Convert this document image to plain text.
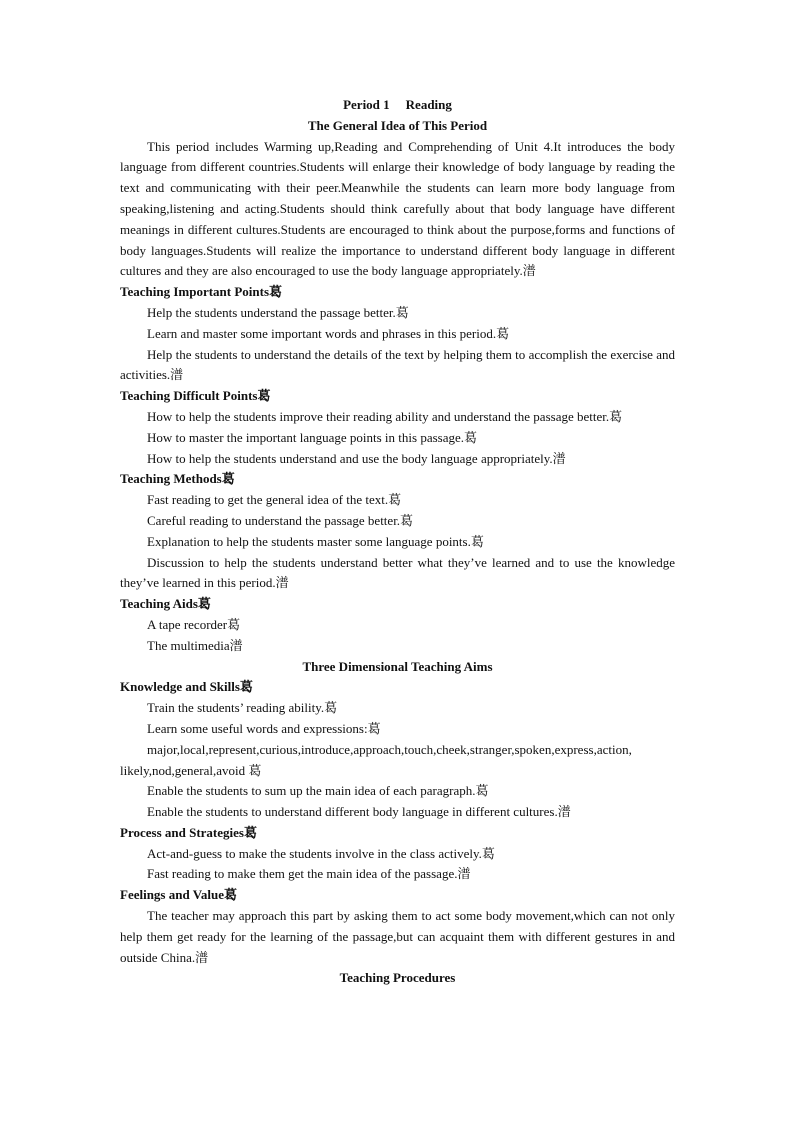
Period 1 Reading
The General Idea of This Period
This period includes Warming up,Reading and Comprehending of Unit 4.It introduces the body language from different countries.Students will enlarge their knowledge of body language by reading the text and communicating with their peer.Meanwhile the students can learn more body language from speaking,listening and acting.Students should think carefully about that body language have different meanings in different cultures.Students are encouraged to think about the purpose,forms and functions of body languages.Students will realize the importance to understand different body language in different cultures and they are also encouraged to use the body language appropriately.潽
Teaching Important Points葛
Help the students understand the passage better.葛
Learn and master some important words and phrases in this period.葛
Help the students to understand the details of the text by helping them to accomplish the exercise and activities.潽
Teaching Difficult Points葛
How to help the students improve their reading ability and understand the passage better.葛
How to master the important language points in this passage.葛
How to help the students understand and use the body language appropriately.潽
Teaching Methods葛
Fast reading to get the general idea of the text.葛
Careful reading to understand the passage better.葛
Explanation to help the students master some language points.葛
Discussion to help the students understand better what they’ve learned and to use the knowledge they’ve learned in this period.潽
Teaching Aids葛
A tape recorder葛
The multimedia潽
Three Dimensional Teaching Aims
Knowledge and Skills葛
Train the students’ reading ability.葛
Learn some useful words and expressions:葛
major,local,represent,curious,introduce,approach,touch,cheek,stranger,spoken,express,action, likely,nod,general,avoid 葛
Enable the students to sum up the main idea of each paragraph.葛
Enable the students to understand different body language in different cultures.潽
Process and Strategies葛
Act-and-guess to make the students involve in the class actively.葛
Fast reading to make them get the main idea of the passage.潽
Feelings and Value葛
The teacher may approach this part by asking them to act some body movement,which can not only help them get ready for the learning of the passage,but can acquaint them with different gestures in and outside China.潽
Teaching Procedures
